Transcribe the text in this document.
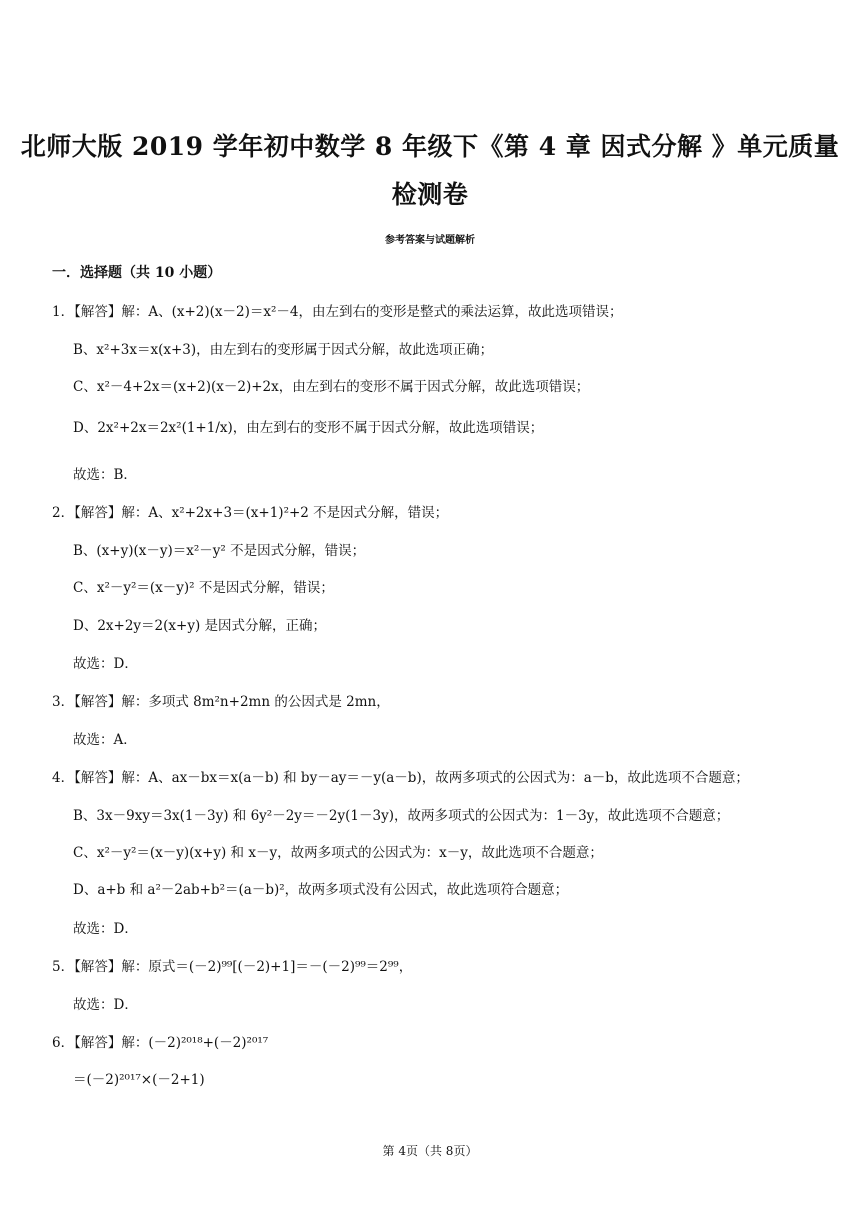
北师大版 2019 学年初中数学 8 年级下《第 4 章 因式分解 》单元质量
检测卷
参考答案与试题解析
一．选择题（共 10 小题）
1．【解答】解：A、(x+2)(x－2)＝x²－4，由左到右的变形是整式的乘法运算，故此选项错误；
B、x²+3x＝x(x+3)，由左到右的变形属于因式分解，故此选项正确；
C、x²－4+2x＝(x+2)(x－2)+2x，由左到右的变形不属于因式分解，故此选项错误；
D、2x²+2x＝2x²(1+1/x)，由左到右的变形不属于因式分解，故此选项错误；
故选：B．
2．【解答】解：A、x²+2x+3＝(x+1)²+2 不是因式分解，错误；
B、(x+y)(x－y)＝x²－y² 不是因式分解，错误；
C、x²－y²＝(x－y)² 不是因式分解，错误；
D、2x+2y＝2(x+y) 是因式分解，正确；
故选：D．
3．【解答】解：多项式 8m²n+2mn 的公因式是 2mn，
故选：A．
4．【解答】解：A、ax－bx＝x(a－b) 和 by－ay＝－y(a－b)，故两多项式的公因式为：a－b，故此选项不合题意；
B、3x－9xy＝3x(1－3y) 和 6y²－2y＝－2y(1－3y)，故两多项式的公因式为：1－3y，故此选项不合题意；
C、x²－y²＝(x－y)(x+y) 和 x－y，故两多项式的公因式为：x－y，故此选项不合题意；
D、a+b 和 a²－2ab+b²＝(a－b)²，故两多项式没有公因式，故此选项符合题意；
故选：D．
5．【解答】解：原式＝(－2)⁹⁹[(－2)+1]＝－(－2)⁹⁹＝2⁹⁹，
故选：D．
6．【解答】解：(－2)²⁰¹⁸+(－2)²⁰¹⁷
＝(－2)²⁰¹⁷×(－2+1)
第 4页（共 8页）
